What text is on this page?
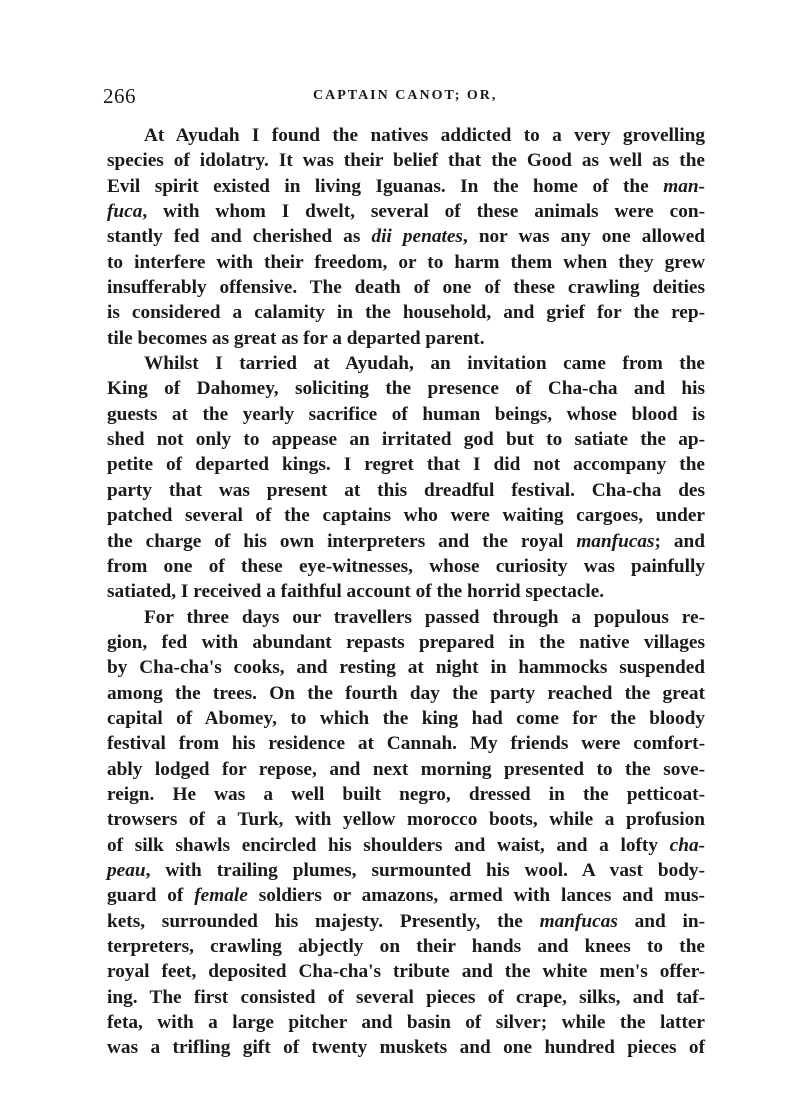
266	CAPTAIN CANOT; OR,
At Ayudah I found the natives addicted to a very grovelling
species of idolatry. It was their belief that the Good as well as the
Evil spirit existed in living Iguanas. In the home of the man-
fuca, with whom I dwelt, several of these animals were con-
stantly fed and cherished as dii penates, nor was any one allowed
to interfere with their freedom, or to harm them when they grew
insufferably offensive. The death of one of these crawling deities
is considered a calamity in the household, and grief for the rep-
tile becomes as great as for a departed parent.
Whilst I tarried at Ayudah, an invitation came from the
King of Dahomey, soliciting the presence of Cha-cha and his
guests at the yearly sacrifice of human beings, whose blood is
shed not only to appease an irritated god but to satiate the ap-
petite of departed kings. I regret that I did not accompany the
party that was present at this dreadful festival. Cha-cha des
patched several of the captains who were waiting cargoes, under
the charge of his own interpreters and the royal manfucas; and
from one of these eye-witnesses, whose curiosity was painfully
satiated, I received a faithful account of the horrid spectacle.
For three days our travellers passed through a populous re-
gion, fed with abundant repasts prepared in the native villages
by Cha-cha's cooks, and resting at night in hammocks suspended
among the trees. On the fourth day the party reached the great
capital of Abomey, to which the king had come for the bloody
festival from his residence at Cannah. My friends were comfort-
ably lodged for repose, and next morning presented to the sove-
reign. He was a well built negro, dressed in the petticoat-
trowsers of a Turk, with yellow morocco boots, while a profusion
of silk shawls encircled his shoulders and waist, and a lofty cha-
peau, with trailing plumes, surmounted his wool. A vast body-
guard of female soldiers or amazons, armed with lances and mus-
kets, surrounded his majesty. Presently, the manfucas and in-
terpreters, crawling abjectly on their hands and knees to the
royal feet, deposited Cha-cha's tribute and the white men's offer-
ing. The first consisted of several pieces of crape, silks, and taf-
feta, with a large pitcher and basin of silver; while the latter
was a trifling gift of twenty muskets and one hundred pieces of
